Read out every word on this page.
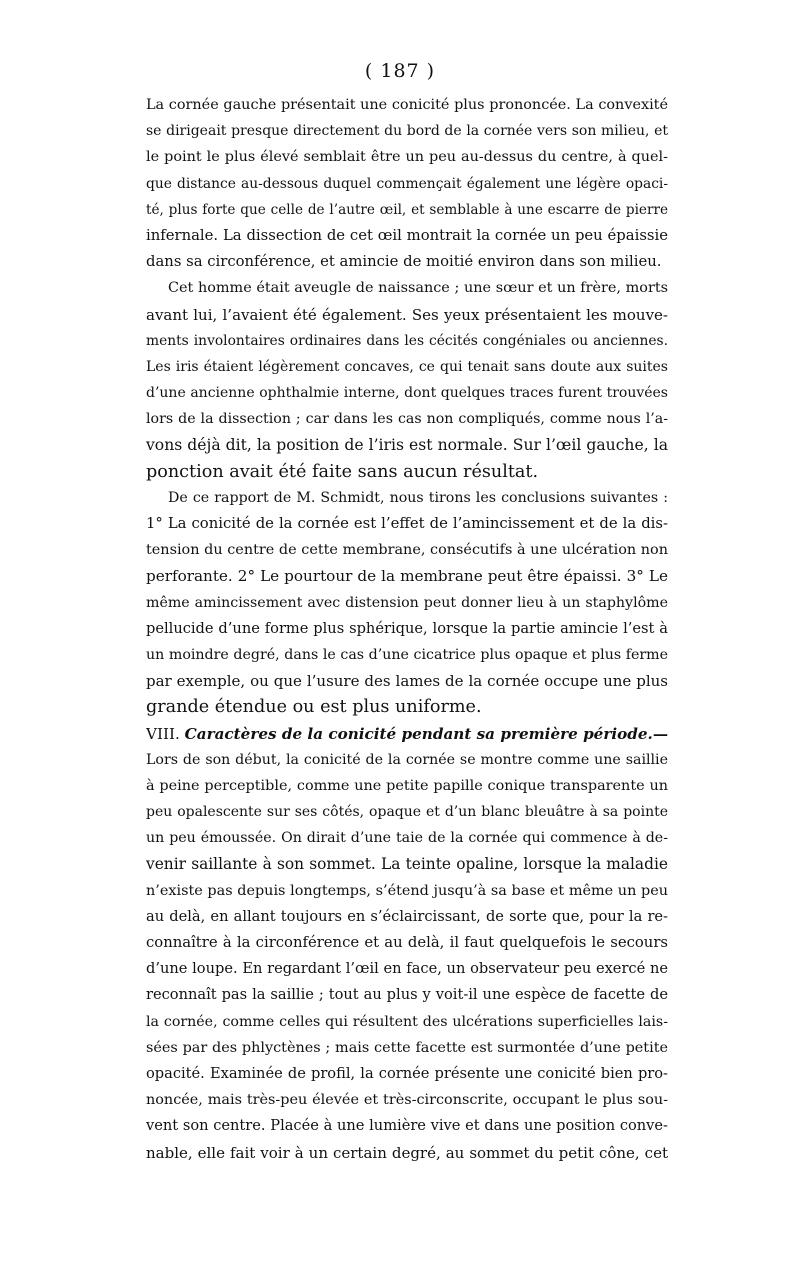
( 187 )
La cornée gauche présentait une conicité plus prononcée. La convexité
se dirigeait presque directement du bord de la cornée vers son milieu, et
le point le plus élevé semblait être un peu au-dessus du centre, à quel-
que distance au-dessous duquel commençait également une légère opaci-
té, plus forte que celle de l’autre œil, et semblable à une escarre de pierre
infernale. La dissection de cet œil montrait la cornée un peu épaissie
dans sa circonférence, et amincie de moitié environ dans son milieu.
Cet homme était aveugle de naissance ; une sœur et un frère, morts
avant lui, l’avaient été également. Ses yeux présentaient les mouve-
ments involontaires ordinaires dans les cécités congéniales ou anciennes.
Les iris étaient légèrement concaves, ce qui tenait sans doute aux suites
d’une ancienne ophthalmie interne, dont quelques traces furent trouvées
lors de la dissection ; car dans les cas non compliqués, comme nous l’a-
vons déjà dit, la position de l’iris est normale. Sur l’œil gauche, la
ponction avait été faite sans aucun résultat.
De ce rapport de M. Schmidt, nous tirons les conclusions suivantes :
1° La conicité de la cornée est l’effet de l’amincissement et de la dis-
tension du centre de cette membrane, consécutifs à une ulcération non
perforante. 2° Le pourtour de la membrane peut être épaissi. 3° Le
même amincissement avec distension peut donner lieu à un staphylôme
pellucide d’une forme plus sphérique, lorsque la partie amincie l’est à
un moindre degré, dans le cas d’une cicatrice plus opaque et plus ferme
par exemple, ou que l’usure des lames de la cornée occupe une plus
grande étendue ou est plus uniforme.
VIII. Caractères de la conicité pendant sa première période.—
Lors de son début, la conicité de la cornée se montre comme une saillie
à peine perceptible, comme une petite papille conique transparente un
peu opalescente sur ses côtés, opaque et d’un blanc bleuâtre à sa pointe
un peu émoussée. On dirait d’une taie de la cornée qui commence à de-
venir saillante à son sommet. La teinte opaline, lorsque la maladie
n’existe pas depuis longtemps, s’étend jusqu’à sa base et même un peu
au delà, en allant toujours en s’éclaircissant, de sorte que, pour la re-
connaître à la circonférence et au delà, il faut quelquefois le secours
d’une loupe. En regardant l’œil en face, un observateur peu exercé ne
reconnaît pas la saillie ; tout au plus y voit-il une espèce de facette de
la cornée, comme celles qui résultent des ulcérations superficielles lais-
sées par des phlyctènes ; mais cette facette est surmontée d’une petite
opacité. Examinée de profil, la cornée présente une conicité bien pro-
noncée, mais très-peu élevée et très-circonscrite, occupant le plus sou-
vent son centre. Placée à une lumière vive et dans une position conve-
nable, elle fait voir à un certain degré, au sommet du petit cône, cet
